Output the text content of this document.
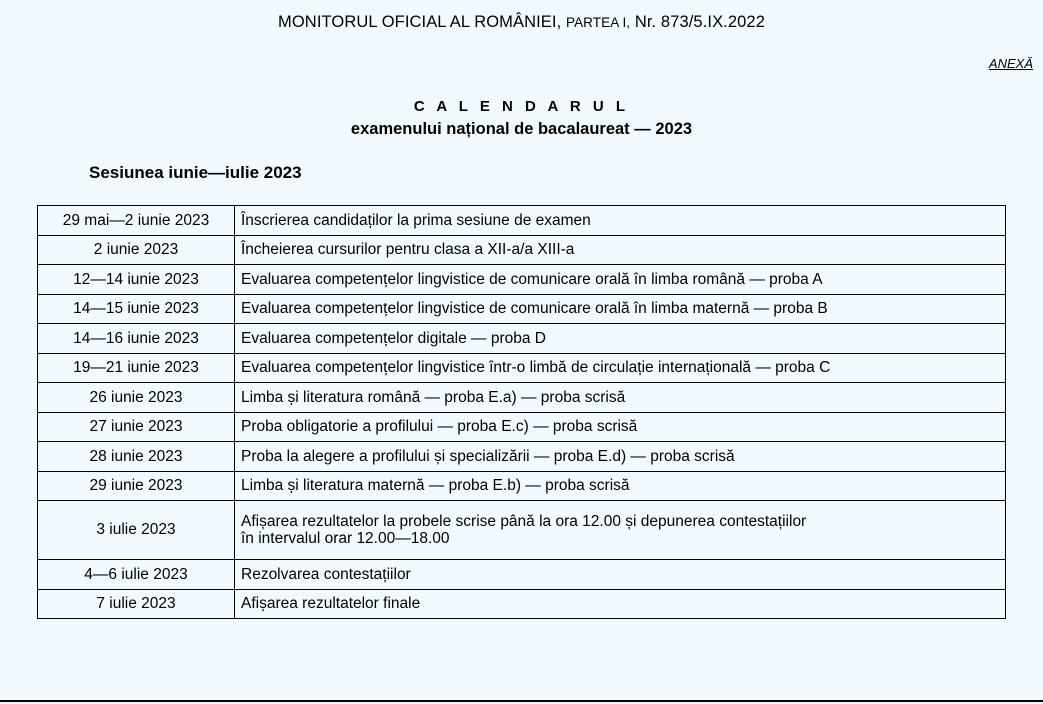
MONITORUL OFICIAL AL ROMÂNIEI, PARTEA I, Nr. 873/5.IX.2022
ANEXĂ
C A L E N D A R U L
examenului național de bacalaureat — 2023
Sesiunea iunie—iulie 2023
29 mai—2 iunie 2023	Înscrierea candidaților la prima sesiune de examen
2 iunie 2023	Încheierea cursurilor pentru clasa a XII-a/a XIII-a
12—14 iunie 2023	Evaluarea competențelor lingvistice de comunicare orală în limba română — proba A
14—15 iunie 2023	Evaluarea competențelor lingvistice de comunicare orală în limba maternă — proba B
14—16 iunie 2023	Evaluarea competențelor digitale — proba D
19—21 iunie 2023	Evaluarea competențelor lingvistice într-o limbă de circulație internațională — proba C
26 iunie 2023	Limba și literatura română — proba E.a) — proba scrisă
27 iunie 2023	Proba obligatorie a profilului — proba E.c) — proba scrisă
28 iunie 2023	Proba la alegere a profilului și specializării — proba E.d) — proba scrisă
29 iunie 2023	Limba și literatura maternă — proba E.b) — proba scrisă
3 iulie 2023	Afișarea rezultatelor la probele scrise până la ora 12.00 și depunerea contestațiilor
în intervalul orar 12.00—18.00
4—6 iulie 2023	Rezolvarea contestațiilor
7 iulie 2023	Afișarea rezultatelor finale
